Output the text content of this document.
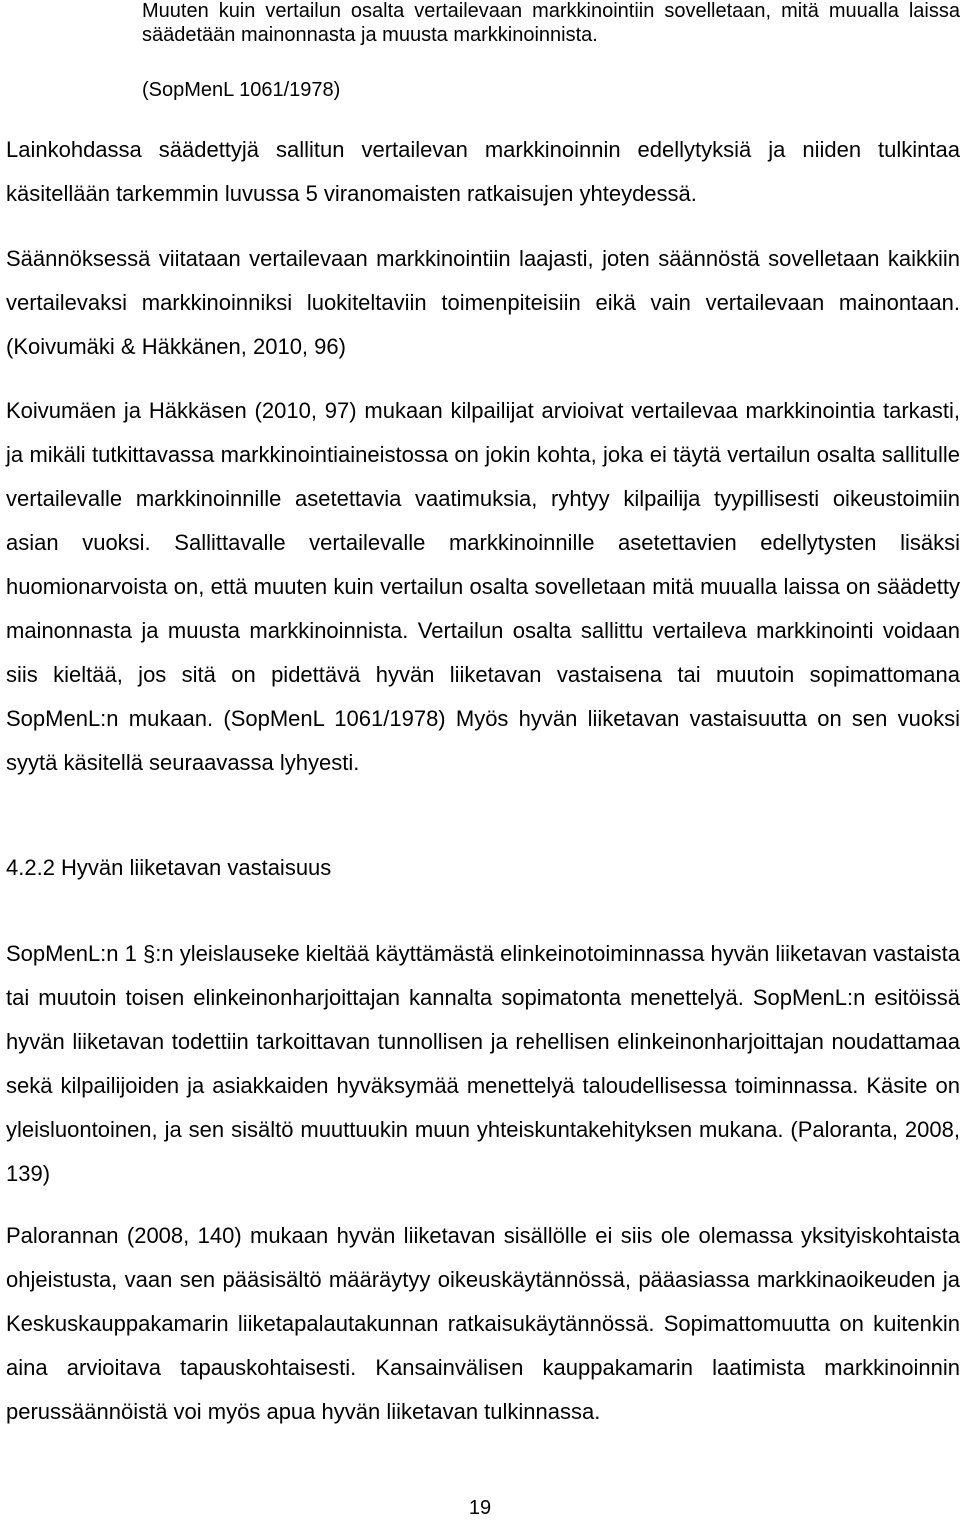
Muuten kuin vertailun osalta vertailevaan markkinointiin sovelletaan, mitä muualla laissa säädetään mainonnasta ja muusta markkinoinnista.

(SopMenL 1061/1978)

Lainkohdassa säädettyjä sallitun vertailevan markkinoinnin edellytyksiä ja niiden tulkintaa käsitellään tarkemmin luvussa 5 viranomaisten ratkaisujen yhteydessä.

Säännöksessä viitataan vertailevaan markkinointiin laajasti, joten säännöstä sovelletaan kaikkiin vertailevaksi markkinoinniksi luokiteltaviin toimenpiteisiin eikä vain vertailevaan mainontaan. (Koivumäki & Häkkänen, 2010, 96)

Koivumäen ja Häkkäsen (2010, 97) mukaan kilpailijat arvioivat vertailevaa markkinointia tarkasti, ja mikäli tutkittavassa markkinointiaineistossa on jokin kohta, joka ei täytä vertailun osalta sallitulle vertailevalle markkinoinnille asetettavia vaatimuksia, ryhtyy kilpailija tyypillisesti oikeustoimiin asian vuoksi. Sallittavalle vertailevalle markkinoinnille asetettavien edellytysten lisäksi huomionarvoista on, että muuten kuin vertailun osalta sovelletaan mitä muualla laissa on säädetty mainonnasta ja muusta markkinoinnista. Vertailun osalta sallittu vertaileva markkinointi voidaan siis kieltää, jos sitä on pidettävä hyvän liiketavan vastaisena tai muutoin sopimattomana SopMenL:n mukaan. (SopMenL 1061/1978) Myös hyvän liiketavan vastaisuutta on sen vuoksi syytä käsitellä seuraavassa lyhyesti.

4.2.2 Hyvän liiketavan vastaisuus

SopMenL:n 1 §:n yleislauseke kieltää käyttämästä elinkeinotoiminnassa hyvän liiketavan vastaista tai muutoin toisen elinkeinonharjoittajan kannalta sopimatonta menettelyä. SopMenL:n esitöissä hyvän liiketavan todettiin tarkoittavan tunnollisen ja rehellisen elinkeinonharjoittajan noudattamaa sekä kilpailijoiden ja asiakkaiden hyväksymää menettelyä taloudellisessa toiminnassa. Käsite on yleisluontoinen, ja sen sisältö muuttuukin muun yhteiskuntakehityksen mukana. (Paloranta, 2008, 139)

Palorannan (2008, 140) mukaan hyvän liiketavan sisällölle ei siis ole olemassa yksityiskohtaista ohjeistusta, vaan sen pääsisältö määräytyy oikeuskäytännössä, pääasiassa markkinaoikeuden ja Keskuskauppakamarin liiketapalautakunnan ratkaisukäytännössä. Sopimattomuutta on kuitenkin aina arvioitava tapauskohtaisesti. Kansainvälisen kauppakamarin laatimista markkinoinnin perussäännöistä voi myös apua hyvän liiketavan tulkinnassa.

19
